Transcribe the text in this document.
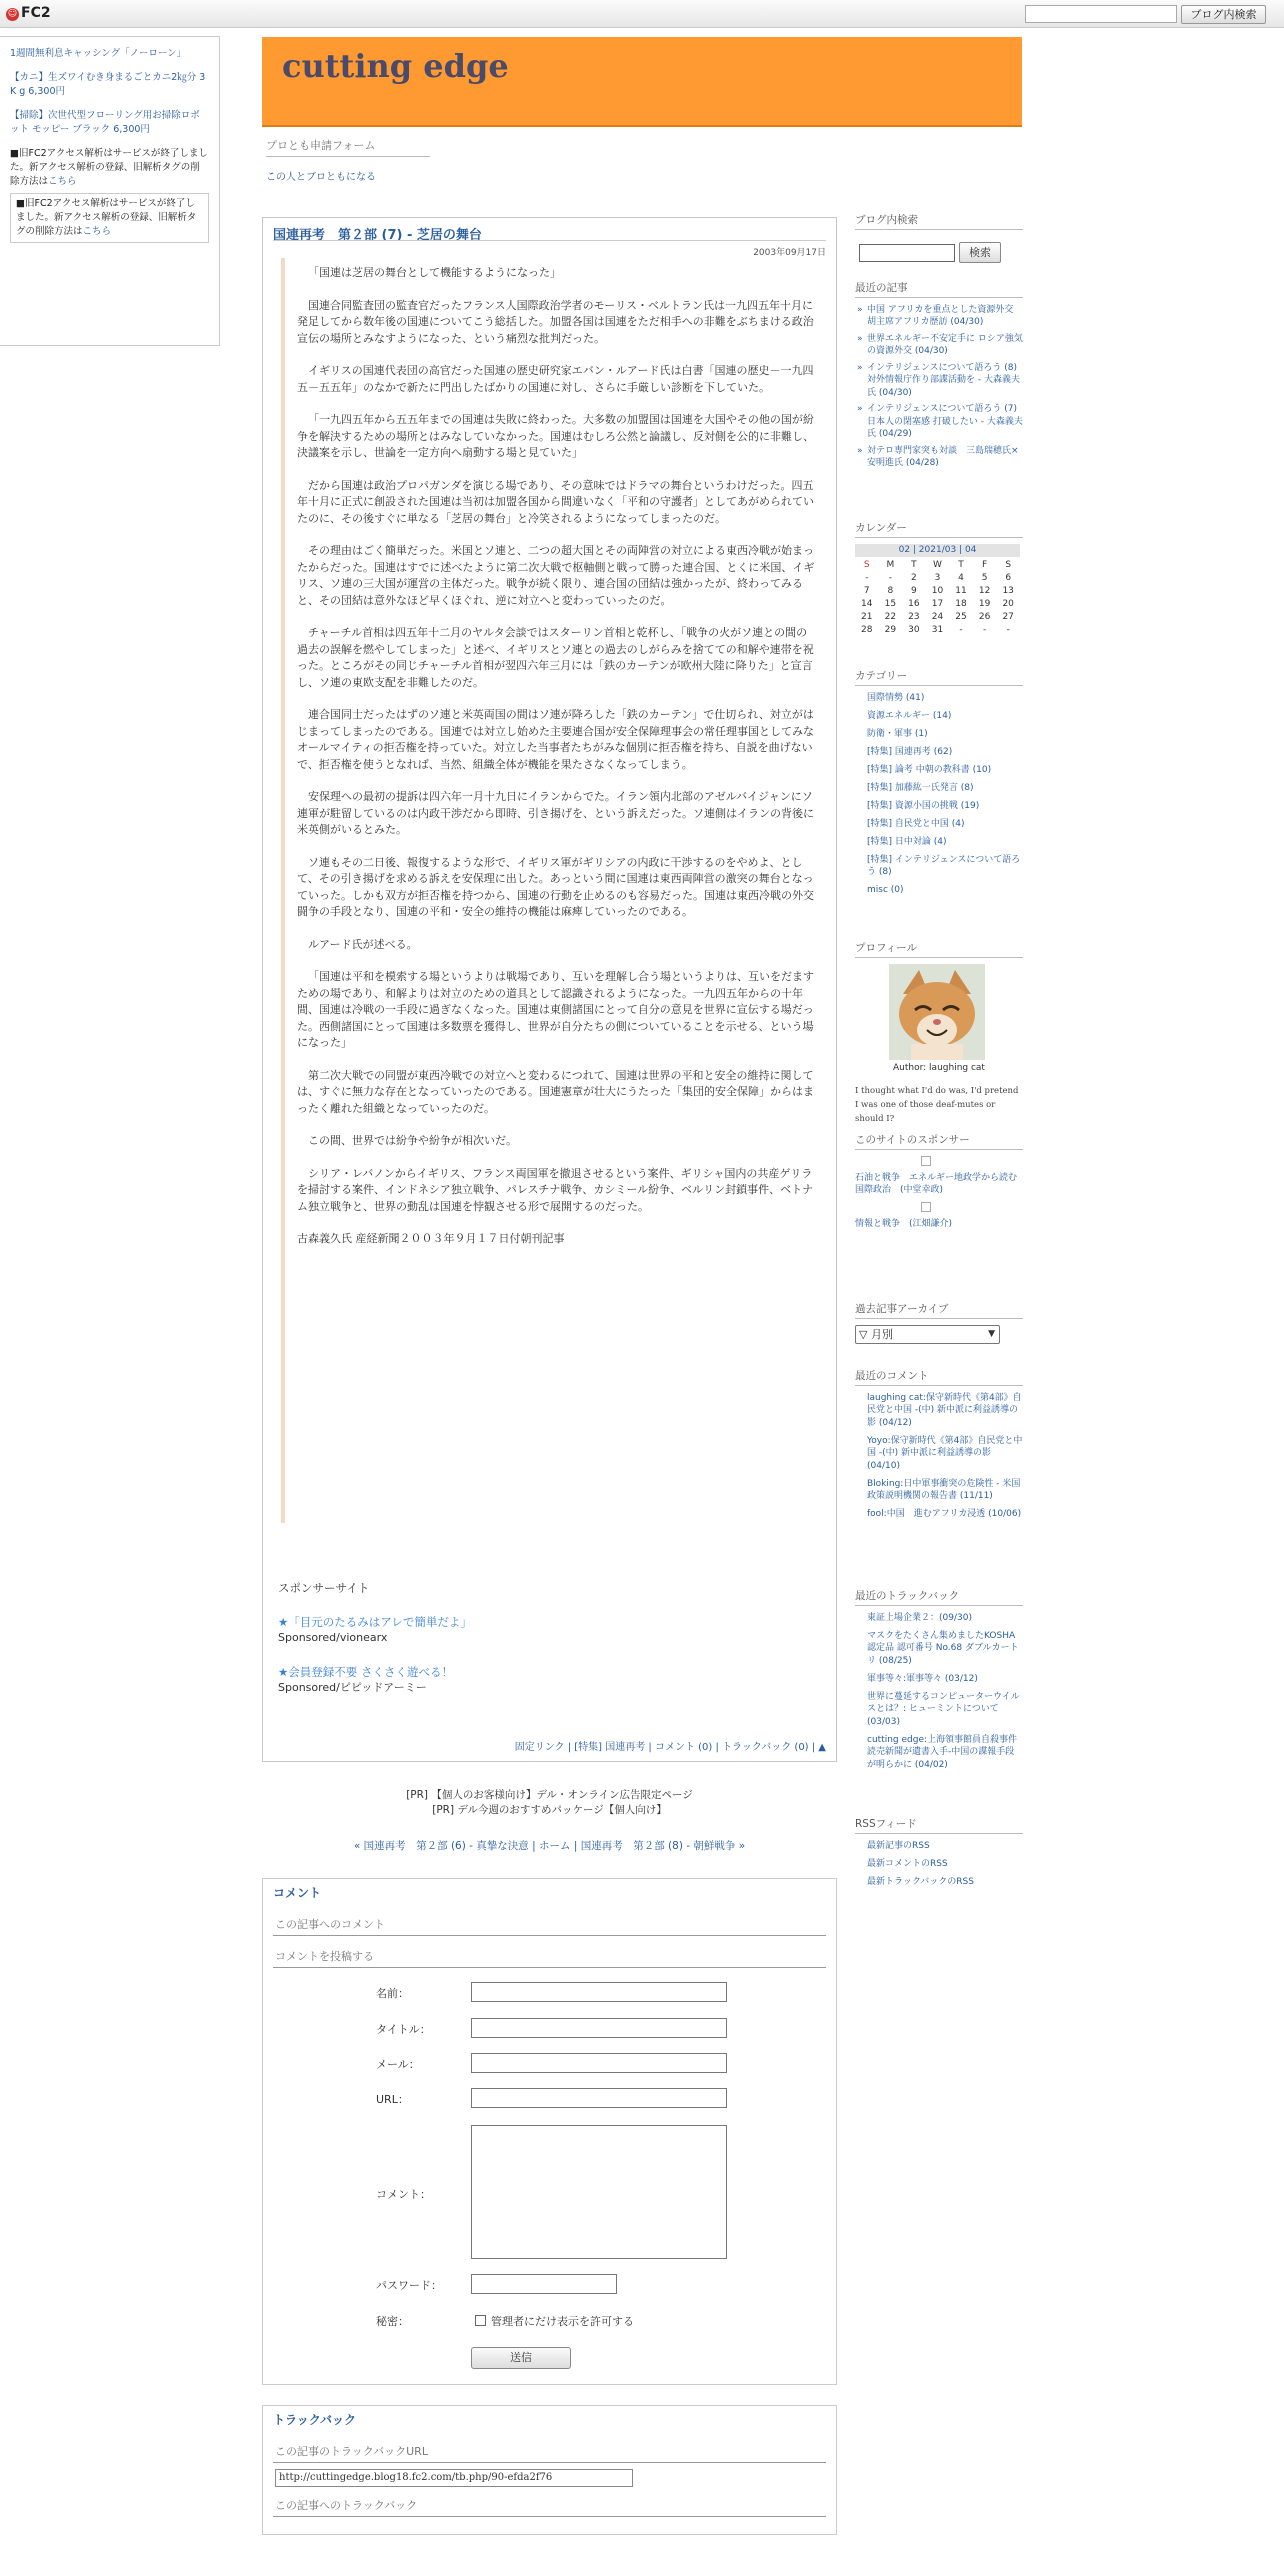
☺ FC2	ブログ内検索

1週間無利息キャッシング「ノーローン」

【カニ】生ズワイむき身まるごとカニ2㎏分 3 K g 6,300円

【掃除】次世代型フローリング用お掃除ロボット モッピー ブラック 6,300円

■旧FC2アクセス解析はサービスが終了しました。新アクセス解析の登録、旧解析タグの削除方法はこちら
■旧FC2アクセス解析はサービスが終了しました。新アクセス解析の登録、旧解析タグの削除方法はこちら
cutting edge
プロとも申請フォーム
この人とブロともになる
国連再考　第２部 (7) - 芝居の舞台
2003年09月17日

「国連は芝居の舞台として機能するようになった」

国連合同監査団の監査官だったフランス人国際政治学者のモーリス・ベルトラン氏は一九四五年十月に発足してから数年後の国連についてこう総括した。加盟各国は国連をただ相手への非難をぶちまける政治宣伝の場所とみなすようになった、という痛烈な批判だった。

イギリスの国連代表団の高官だった国連の歴史研究家エバン・ルアード氏は白書「国連の歴史－一九四五－五五年」のなかで新たに門出したばかりの国連に対し、さらに手厳しい診断を下していた。

「一九四五年から五五年までの国連は失敗に終わった。大多数の加盟国は国連を大国やその他の国が紛争を解決するための場所とはみなしていなかった。国連はむしろ公然と論議し、反対側を公的に非難し、決議案を示し、世論を一定方向へ扇動する場と見ていた」

だから国連は政治プロパガンダを演じる場であり、その意味ではドラマの舞台というわけだった。四五年十月に正式に創設された国連は当初は加盟各国から間違いなく「平和の守護者」としてあがめられていたのに、その後すぐに単なる「芝居の舞台」と冷笑されるようになってしまったのだ。

その理由はごく簡単だった。米国とソ連と、二つの超大国とその両陣営の対立による東西冷戦が始まったからだった。国連はすでに述べたように第二次大戦で枢軸側と戦って勝った連合国、とくに米国、イギリス、ソ連の三大国が運営の主体だった。戦争が続く限り、連合国の団結は強かったが、終わってみると、その団結は意外なほど早くほぐれ、逆に対立へと変わっていったのだ。

チャーチル首相は四五年十二月のヤルタ会談ではスターリン首相と乾杯し、「戦争の火がソ連との間の過去の誤解を燃やしてしまった」と述べ、イギリスとソ連との過去のしがらみを捨てての和解や連帯を祝った。ところがその同じチャーチル首相が翌四六年三月には「鉄のカーテンが欧州大陸に降りた」と宣言し、ソ連の東欧支配を非難したのだ。

連合国同士だったはずのソ連と米英両国の間はソ連が降ろした「鉄のカーテン」で仕切られ、対立がはじまってしまったのである。国連では対立し始めた主要連合国が安全保障理事会の常任理事国としてみなオールマイティの拒否権を持っていた。対立した当事者たちがみな個別に拒否権を持ち、自説を曲げないで、拒否権を使うとなれば、当然、組織全体が機能を果たさなくなってしまう。

安保理への最初の提訴は四六年一月十九日にイランからでた。イラン領内北部のアゼルバイジャンにソ連軍が駐留しているのは内政干渉だから即時、引き揚げを、という訴えだった。ソ連側はイランの背後に米英側がいるとみた。

ソ連もその二日後、報復するような形で、イギリス軍がギリシアの内政に干渉するのをやめよ、として、その引き揚げを求める訴えを安保理に出した。あっという間に国連は東西両陣営の激突の舞台となっていった。しかも双方が拒否権を持つから、国連の行動を止めるのも容易だった。国連は東西冷戦の外交闘争の手段となり、国連の平和・安全の維持の機能は麻痺していったのである。

ルアード氏が述べる。

「国連は平和を模索する場というよりは戦場であり、互いを理解し合う場というよりは、互いをだますための場であり、和解よりは対立のための道具として認識されるようになった。一九四五年からの十年間、国連は冷戦の一手段に過ぎなくなった。国連は東側諸国にとって自分の意見を世界に宣伝する場だった。西側諸国にとって国連は多数票を獲得し、世界が自分たちの側についていることを示せる、という場になった」

第二次大戦での同盟が東西冷戦での対立へと変わるにつれて、国連は世界の平和と安全の維持に関しては、すぐに無力な存在となっていったのである。国連憲章が壮大にうたった「集団的安全保障」からはまったく離れた組織となっていったのだ。

この間、世界では紛争や紛争が相次いだ。

シリア・レバノンからイギリス、フランス両国軍を撤退させるという案件、ギリシャ国内の共産ゲリラを掃討する案件、インドネシア独立戦争、パレスチナ戦争、カシミール紛争、ベルリン封鎖事件、ベトナム独立戦争と、世界の動乱は国連を悖観させる形で展開するのだった。

古森義久氏 産経新聞２００３年９月１７日付朝刊記事

スポンサーサイト
★「目元のたるみはアレで簡単だよ」
Sponsored/vionearx
★会員登録不要 さくさく遊べる！
Sponsored/ピピッドアーミー
固定リンク | [特集] 国連再考 | コメント (0) | トラックバック (0) | ▲
[PR] 【個人のお客様向け】デル・オンライン広告限定ページ
[PR] デル今週のおすすめパッケージ【個人向け】
« 国連再考　第２部 (6) - 真摯な決意 | ホーム | 国連再考　第２部 (8) - 朝鮮戦争 »
コメント
この記事へのコメント
コメントを投稿する
名前：
タイトル：
メール：
URL：
コメント：
パスワード：
秘密：	管理者にだけ表示を許可する
送信
トラックバック
この記事のトラックバックURL
http://cuttingedge.blog18.fc2.com/tb.php/90-efda2f76
この記事へのトラックバック
ブログ内検索
検索
最近の記事
» 中国 アフリカを重点とした資源外交 胡主席アフリカ歴訪 (04/30)
» 世界エネルギー不安定手に ロシア強気の資源外交 (04/30)
» インテリジェンスについて語ろう (8) 対外情報庁作り部諜活動を - 大森義夫氏 (04/30)
» インテリジェンスについて語ろう (7) 日本人の閉塞感 打破したい - 大森義夫氏 (04/29)
» 対テロ専門家突も対談　三島瑞穂氏×安明進氏 (04/28)
カレンダー
02 | 2021/03 | 04
S	M	T	W	T	F	S
-	-	2	3	4	5	6
7	8	9	10	11	12	13
14	15	16	17	18	19	20
21	22	23	24	25	26	27
28	29	30	31	-	-	-
カテゴリー
国際情勢 (41)
資源エネルギー (14)
防衛・軍事 (1)
[特集] 国連再考 (62)
[特集] 論考 中朝の教科書 (10)
[特集] 加藤紘一氏発言 (8)
[特集] 資源小国の挑戦 (19)
[特集] 自民党と中国 (4)
[特集] 日中対論 (4)
[特集] インテリジェンスについて語ろう (8)
misc (0)
プロフィール
Author: laughing cat
I thought what I'd do was, I'd pretend I was one of those deaf-mutes or should I?
このサイトのスポンサー
石油と戦争　エネルギー地政学から読む国際政治　(中堂幸政)
情報と戦争　(江畑謙介)
過去記事アーカイブ
▽ 月別	▼
最近のコメント
laughing cat:保守新時代《第4部》自民党と中国 -(中) 新中派に利益誘導の影 (04/12)
Yoyo:保守新時代《第4部》自民党と中国 -(中) 新中派に利益誘導の影 (04/10)
Bloking:日中軍事衝突の危険性 - 米国政策説明機関の報告書 (11/11)
fool:中国　進むアフリカ浸透 (10/06)
最近のトラックバック
東証上場企業２：(09/30)
マスクをたくさん集めましたKOSHA認定品 認可番号 No.68 ダブルカートリ (08/25)
軍事等々:軍事等々 (03/12)
世界に蔓延するコンピューターウイルスとは？: ヒューミントについて (03/03)
cutting edge:上海領事館員自殺事件　読売新聞が遺書入手-中国の諜報手段が明らかに (04/02)
RSSフィード
最新記事のRSS
最新コメントのRSS
最新トラックバックのRSS
